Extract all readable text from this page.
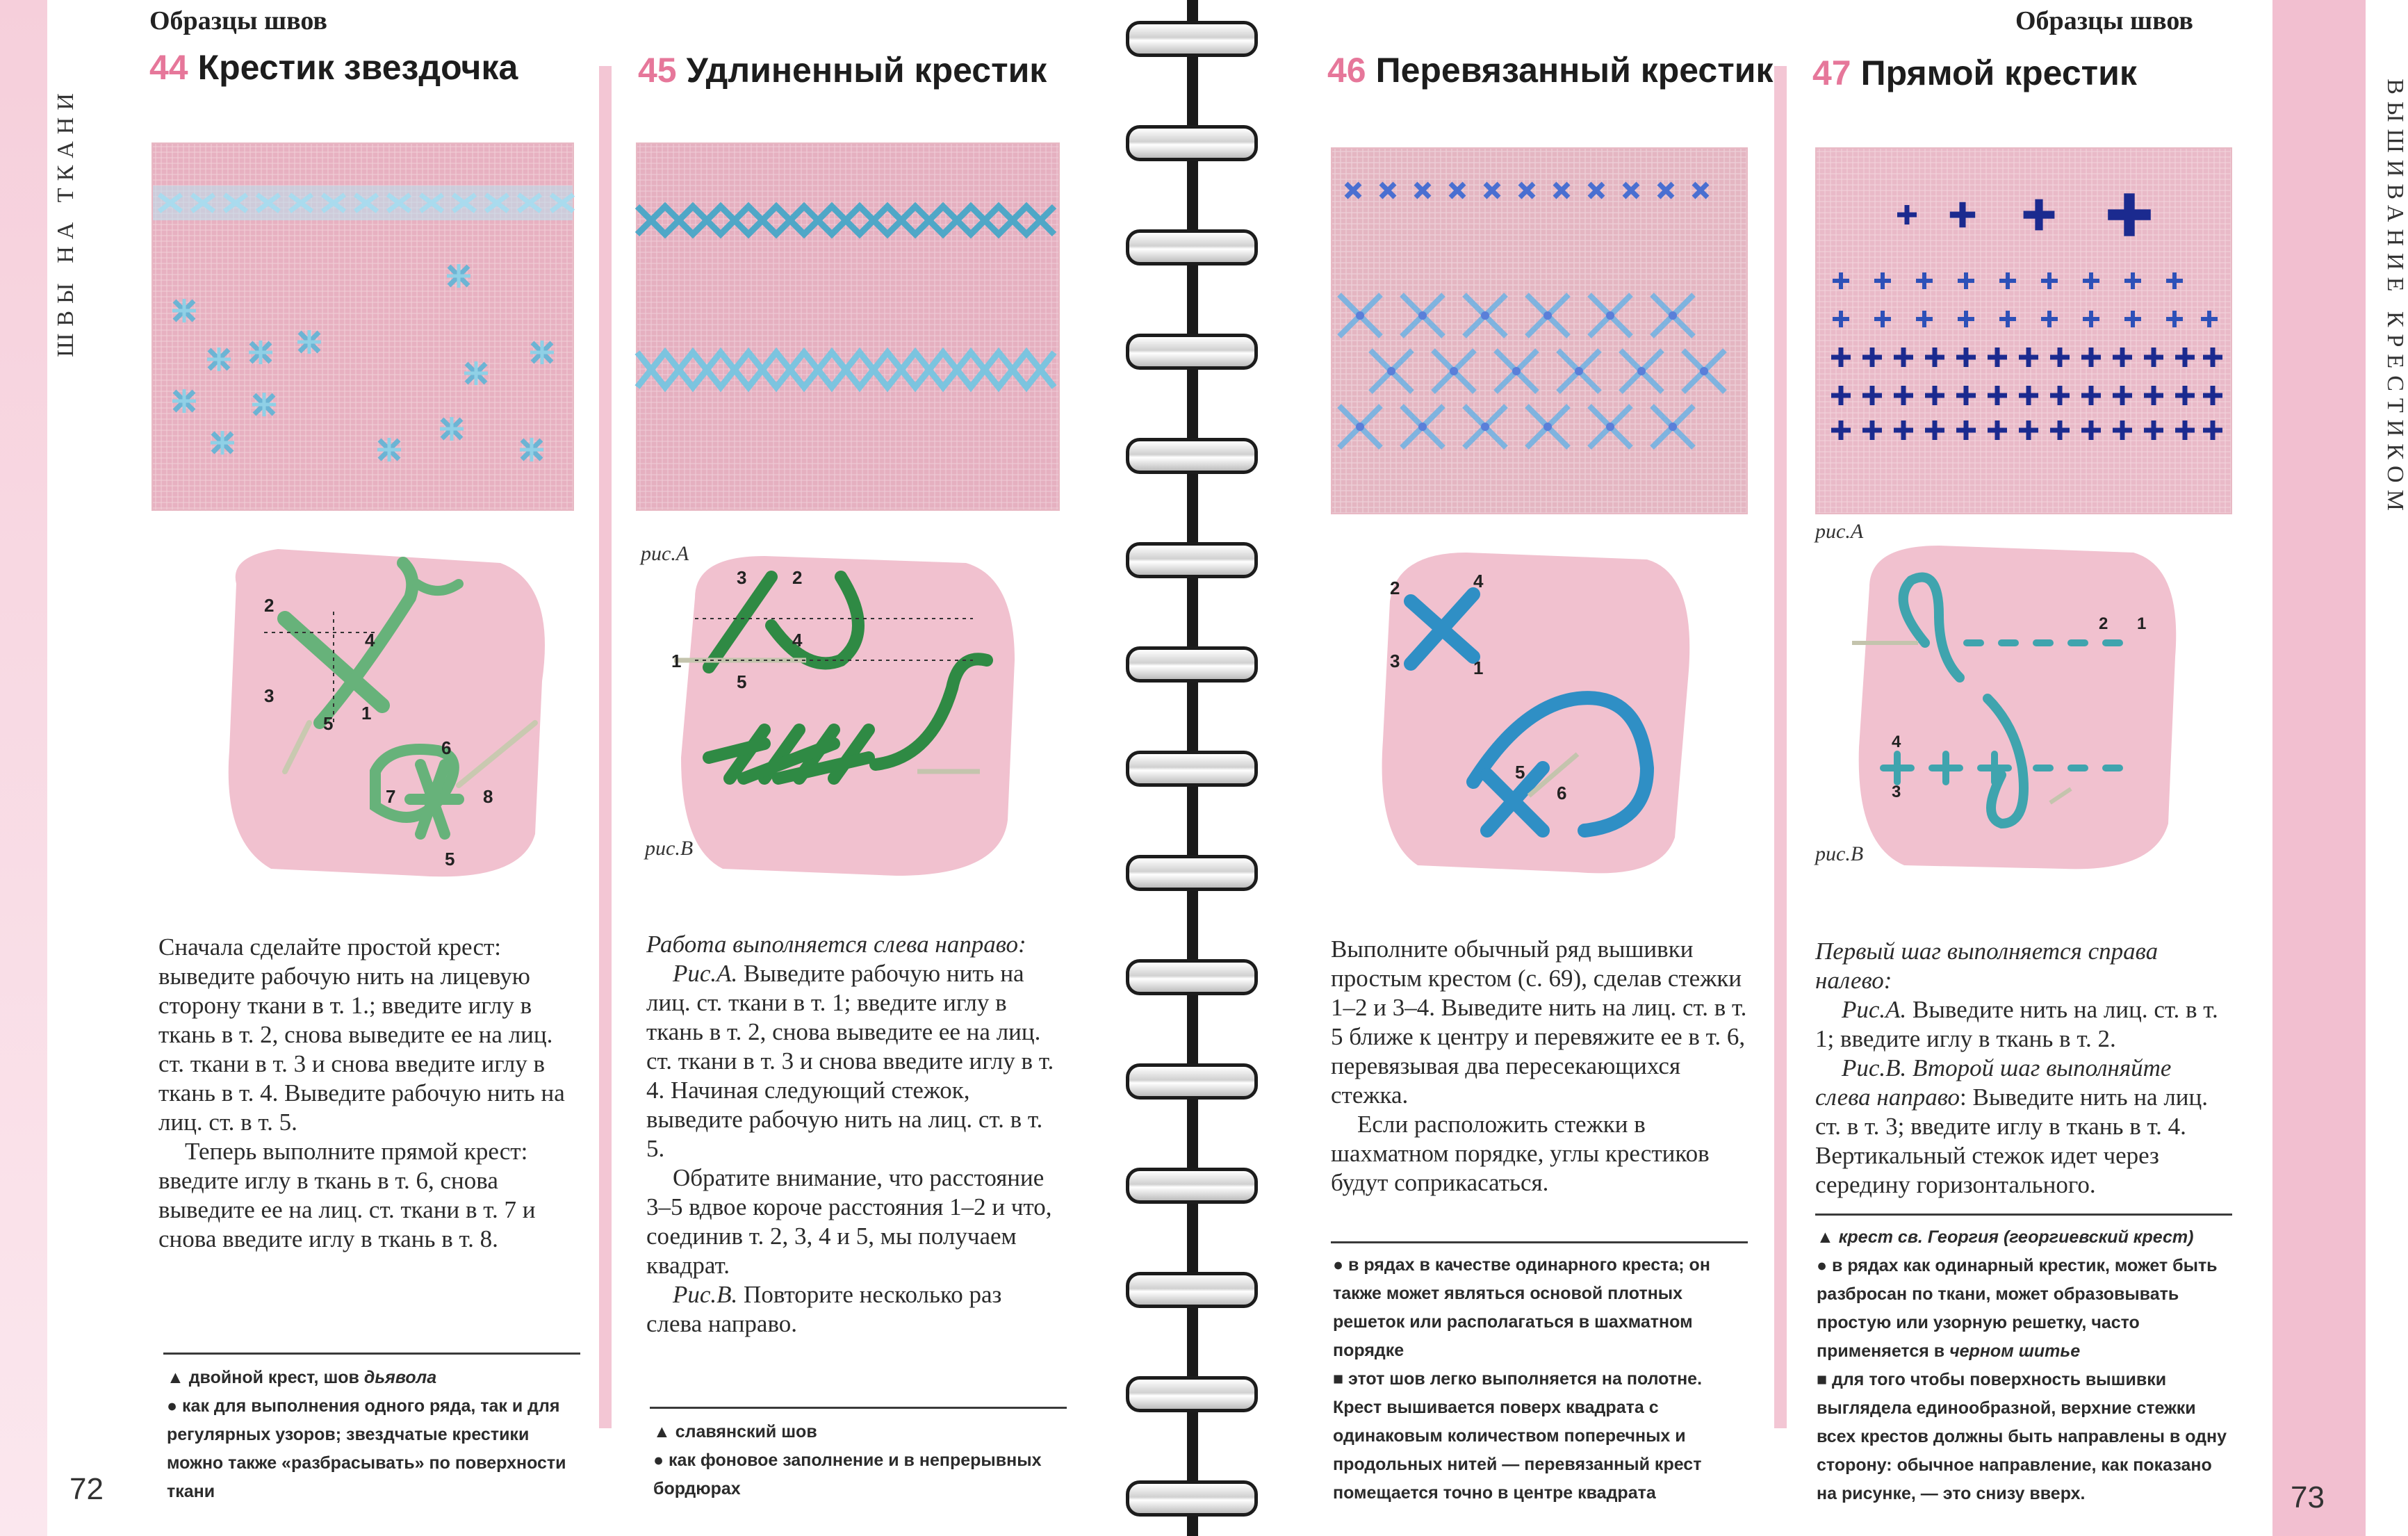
ШВЫ НА ТКАНИ	ВЫШИВАНИЕ КРЕСТИКОМ
Образцы швов	Образцы швов
44 Крестик звездочка	45 Удлиненный крестик	46 Перевязанный крестик 47 Прямой крестик
2
1
3
4
5
6
7	8
5
рис.А
рис.В
1
2
3
4
5
1
2
3
4
5
6
рис.А
рис.В
1
2
3
4

Сначала сделайте простой крест: выведите рабочую нить на лицевую сторону ткани в т. 1.; введите иглу в ткань в т. 2, снова выведите ее на лиц. ст. ткани в т. 3 и снова введите иглу в ткань в т. 4. Выведите рабочую нить на лиц. ст. в т. 5.

Теперь выполните прямой крест: введите иглу в ткань в т. 6, снова выведите ее на лиц. ст. ткани в т. 7 и снова введите иглу в ткань в т. 8.

Работа выполняется слева направо:

Рис.А. Выведите рабочую нить на лиц. ст. ткани в т. 1; введите иглу в ткань в т. 2, снова выведите ее на лиц. ст. ткани в т. 3 и снова введите иглу в т. 4. Начиная следующий стежок, выведите рабочую нить на лиц. ст. в т. 5.

Обратите внимание, что расстояние 3–5 вдвое короче расстояния 1–2 и что, соединив т. 2, 3, 4 и 5, мы получаем квадрат.

Рис.В. Повторите несколько раз слева направо.

Выполните обычный ряд вышивки простым крестом (с. 69), сделав стежки 1–2 и 3–4. Выведите нить на лиц. ст. в т. 5 ближе к центру и перевяжите ее в т. 6, перевязывая два пересекающихся стежка.

Если расположить стежки в шахматном порядке, углы крестиков будут соприкасаться.

Первый шаг выполняется справа налево:

Рис.А. Выведите нить на лиц. ст. в т. 1; введите иглу в ткань в т. 2.

Рис.В. Второй шаг выполняйте слева направо: Выведите нить на лиц. ст. в т. 3; введите иглу в ткань в т. 4. Вертикальный стежок идет через середину горизонтального.

▲ двойной крест, шов дьявола

● как для выполнения одного ряда, так и для регулярных узоров; звездчатые крестики можно также «разбрасывать» по поверхности ткани

▲ славянский шов

● как фоновое заполнение и в непрерывных бордюрах

● в рядах в качестве одинарного креста; он также может являться основой плотных решеток или располагаться в шахматном порядке

■ этот шов легко выполняется на полотне. Крест вышивается поверх квадрата с одинаковым количеством поперечных и продольных нитей — перевязанный крест помещается точно в центре квадрата

▲ крест св. Георгия (георгиевский крест)

● в рядах как одинарный крестик, может быть разбросан по ткани, может образовывать простую или узорную решетку, часто применяется в черном шитье

■ для того чтобы поверхность вышивки выглядела единообразной, верхние стежки всех крестов должны быть направлены в одну сторону: обычное направление, как показано на рисунке, — это снизу вверх.

72	73
